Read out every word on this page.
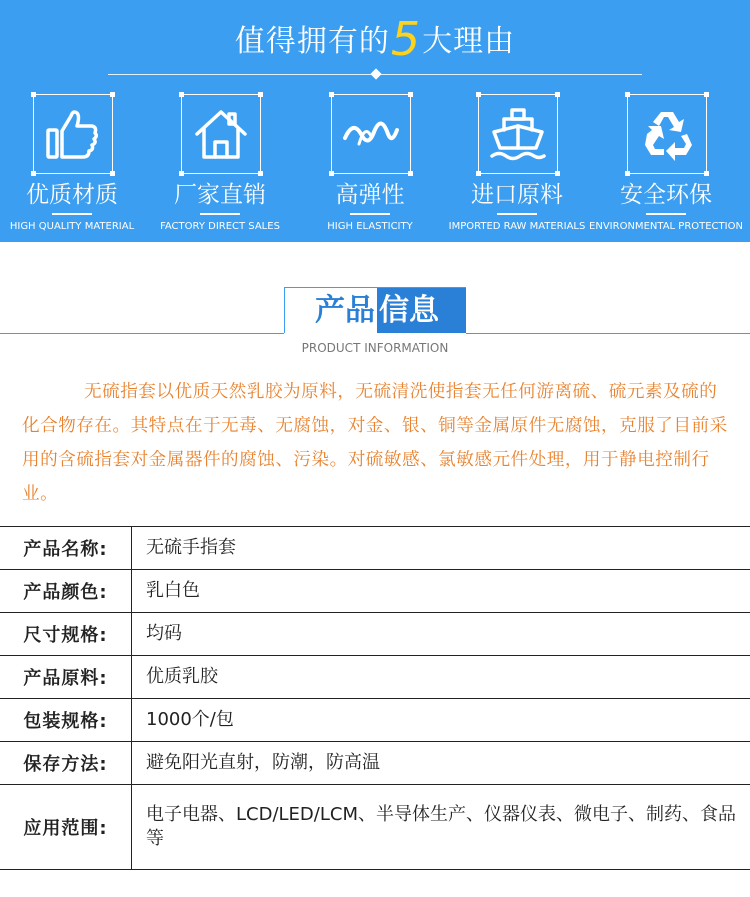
值得拥有的5大理由
优质材质
HIGH QUALITY MATERIAL
厂家直销
FACTORY DIRECT SALES
高弹性
HIGH ELASTICITY
进口原料
IMPORTED RAW MATERIALS
安全环保
ENVIRONMENTAL PROTECTION
产品 信息
PRODUCT INFORMATION
无硫指套以优质天然乳胶为原料，无硫清洗使指套无任何游离硫、硫元素及硫的化合物存在。其特点在于无毒、无腐蚀，对金、银、铜等金属原件无腐蚀，克服了目前采用的含硫指套对金属器件的腐蚀、污染。对硫敏感、氯敏感元件处理，用于静电控制行业。
产品名称:	无硫手指套
产品颜色:	乳白色
尺寸规格:	均码
产品原料:	优质乳胶
包装规格:	1000个/包
保存方法:	避免阳光直射，防潮，防高温
应用范围:	电子电器、LCD/LED/LCM、半导体生产、仪器仪表、微电子、制药、食品等
